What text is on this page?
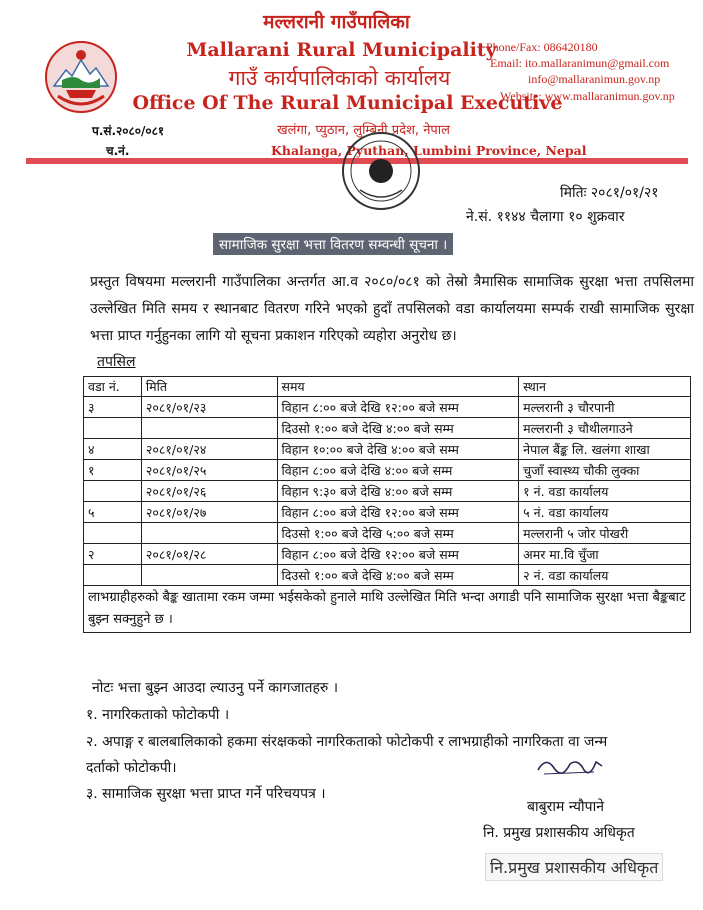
मल्लरानी गाउँपालिका
Mallarani Rural Municipality
गाउँ कार्यपालिकाको कार्यालय
Office Of The Rural Municipal Executive
खलंगा, प्युठान, लुम्बिनी प्रदेश, नेपाल
Khalanga, Pyuthan, Lumbini Province, Nepal
Phone/Fax: 086420180
Email: ito.mallaranimun@gmail.com
info@mallaranimun.gov.np
Website: www.mallaranimun.gov.np
प.सं.२०८०/०८१
च.नं.
मितिः २०८१/०१/२१
ने.सं. ११४४ चैलागा १० शुक्रवार
सामाजिक सुरक्षा भत्ता वितरण सम्वन्धी सूचना ।
प्रस्तुत विषयमा मल्लरानी गाउँपालिका अन्तर्गत आ.व २०८०/०८१ को तेस्रो त्रैमासिक सामाजिक सुरक्षा भत्ता तपसिलमा उल्लेखित मिति समय र स्थानबाट वितरण गरिने भएको हुदाँ तपसिलको वडा कार्यालयमा सम्पर्क राखी सामाजिक सुरक्षा भत्ता प्राप्त गर्नुहुनका लागि यो सूचना प्रकाशन गरिएको व्यहोरा अनुरोध छ।
तपसिल
वडा नं.	मिति	समय	स्थान
३	२०८१/०१/२३	विहान ८:०० बजे देखि १२:०० बजे सम्म	मल्लरानी ३ चौरपानी
		दिउसो १:०० बजे देखि ४:०० बजे सम्म	मल्लरानी ३ चौथीलगाउने
४	२०८१/०१/२४	विहान १०:०० बजे देखि ४:०० बजे सम्म	नेपाल बैंङ्क लि. खलंगा शाखा
१	२०८१/०१/२५	विहान ८:०० बजे देखि ४:०० बजे सम्म	चुजाँ स्वास्थ्य चौकी लुक्का
	२०८१/०१/२६	विहान ९:३० बजे देखि ४:०० बजे सम्म	१ नं. वडा कार्यालय
५	२०८१/०१/२७	विहान ८:०० बजे देखि १२:०० बजे सम्म	५ नं. वडा कार्यालय
		दिउसो १:०० बजे देखि ५:०० बजे सम्म	मल्लरानी ५ जोर पोखरी
२	२०८१/०१/२८	विहान ८:०० बजे देखि १२:०० बजे सम्म	अमर मा.वि चुँजा
		दिउसो १:०० बजे देखि ४:०० बजे सम्म	२ नं. वडा कार्यालय
लाभग्राहीहरुको बैङ्क खातामा रकम जम्मा भईसकेको हुनाले माथि उल्लेखित मिति भन्दा अगाडी पनि सामाजिक सुरक्षा भत्ता बैङ्कबाट बुझ्न सक्नुहुने छ ।			
नोटः भत्ता बुझ्न आउदा ल्याउनु पर्ने कागजातहरु ।
१. नागरिकताको फोटोकपी ।
२. अपाङ्ग र बालबालिकाको हकमा संरक्षकको नागरिकताको फोटोकपी र लाभग्राहीको नागरिकता वा जन्म
दर्ताको फोटोकपी।
३. सामाजिक सुरक्षा भत्ता प्राप्त गर्ने परिचयपत्र ।
बाबुराम न्यौपाने
नि. प्रमुख प्रशासकीय अधिकृत
नि.प्रमुख प्रशासकीय अधिकृत
